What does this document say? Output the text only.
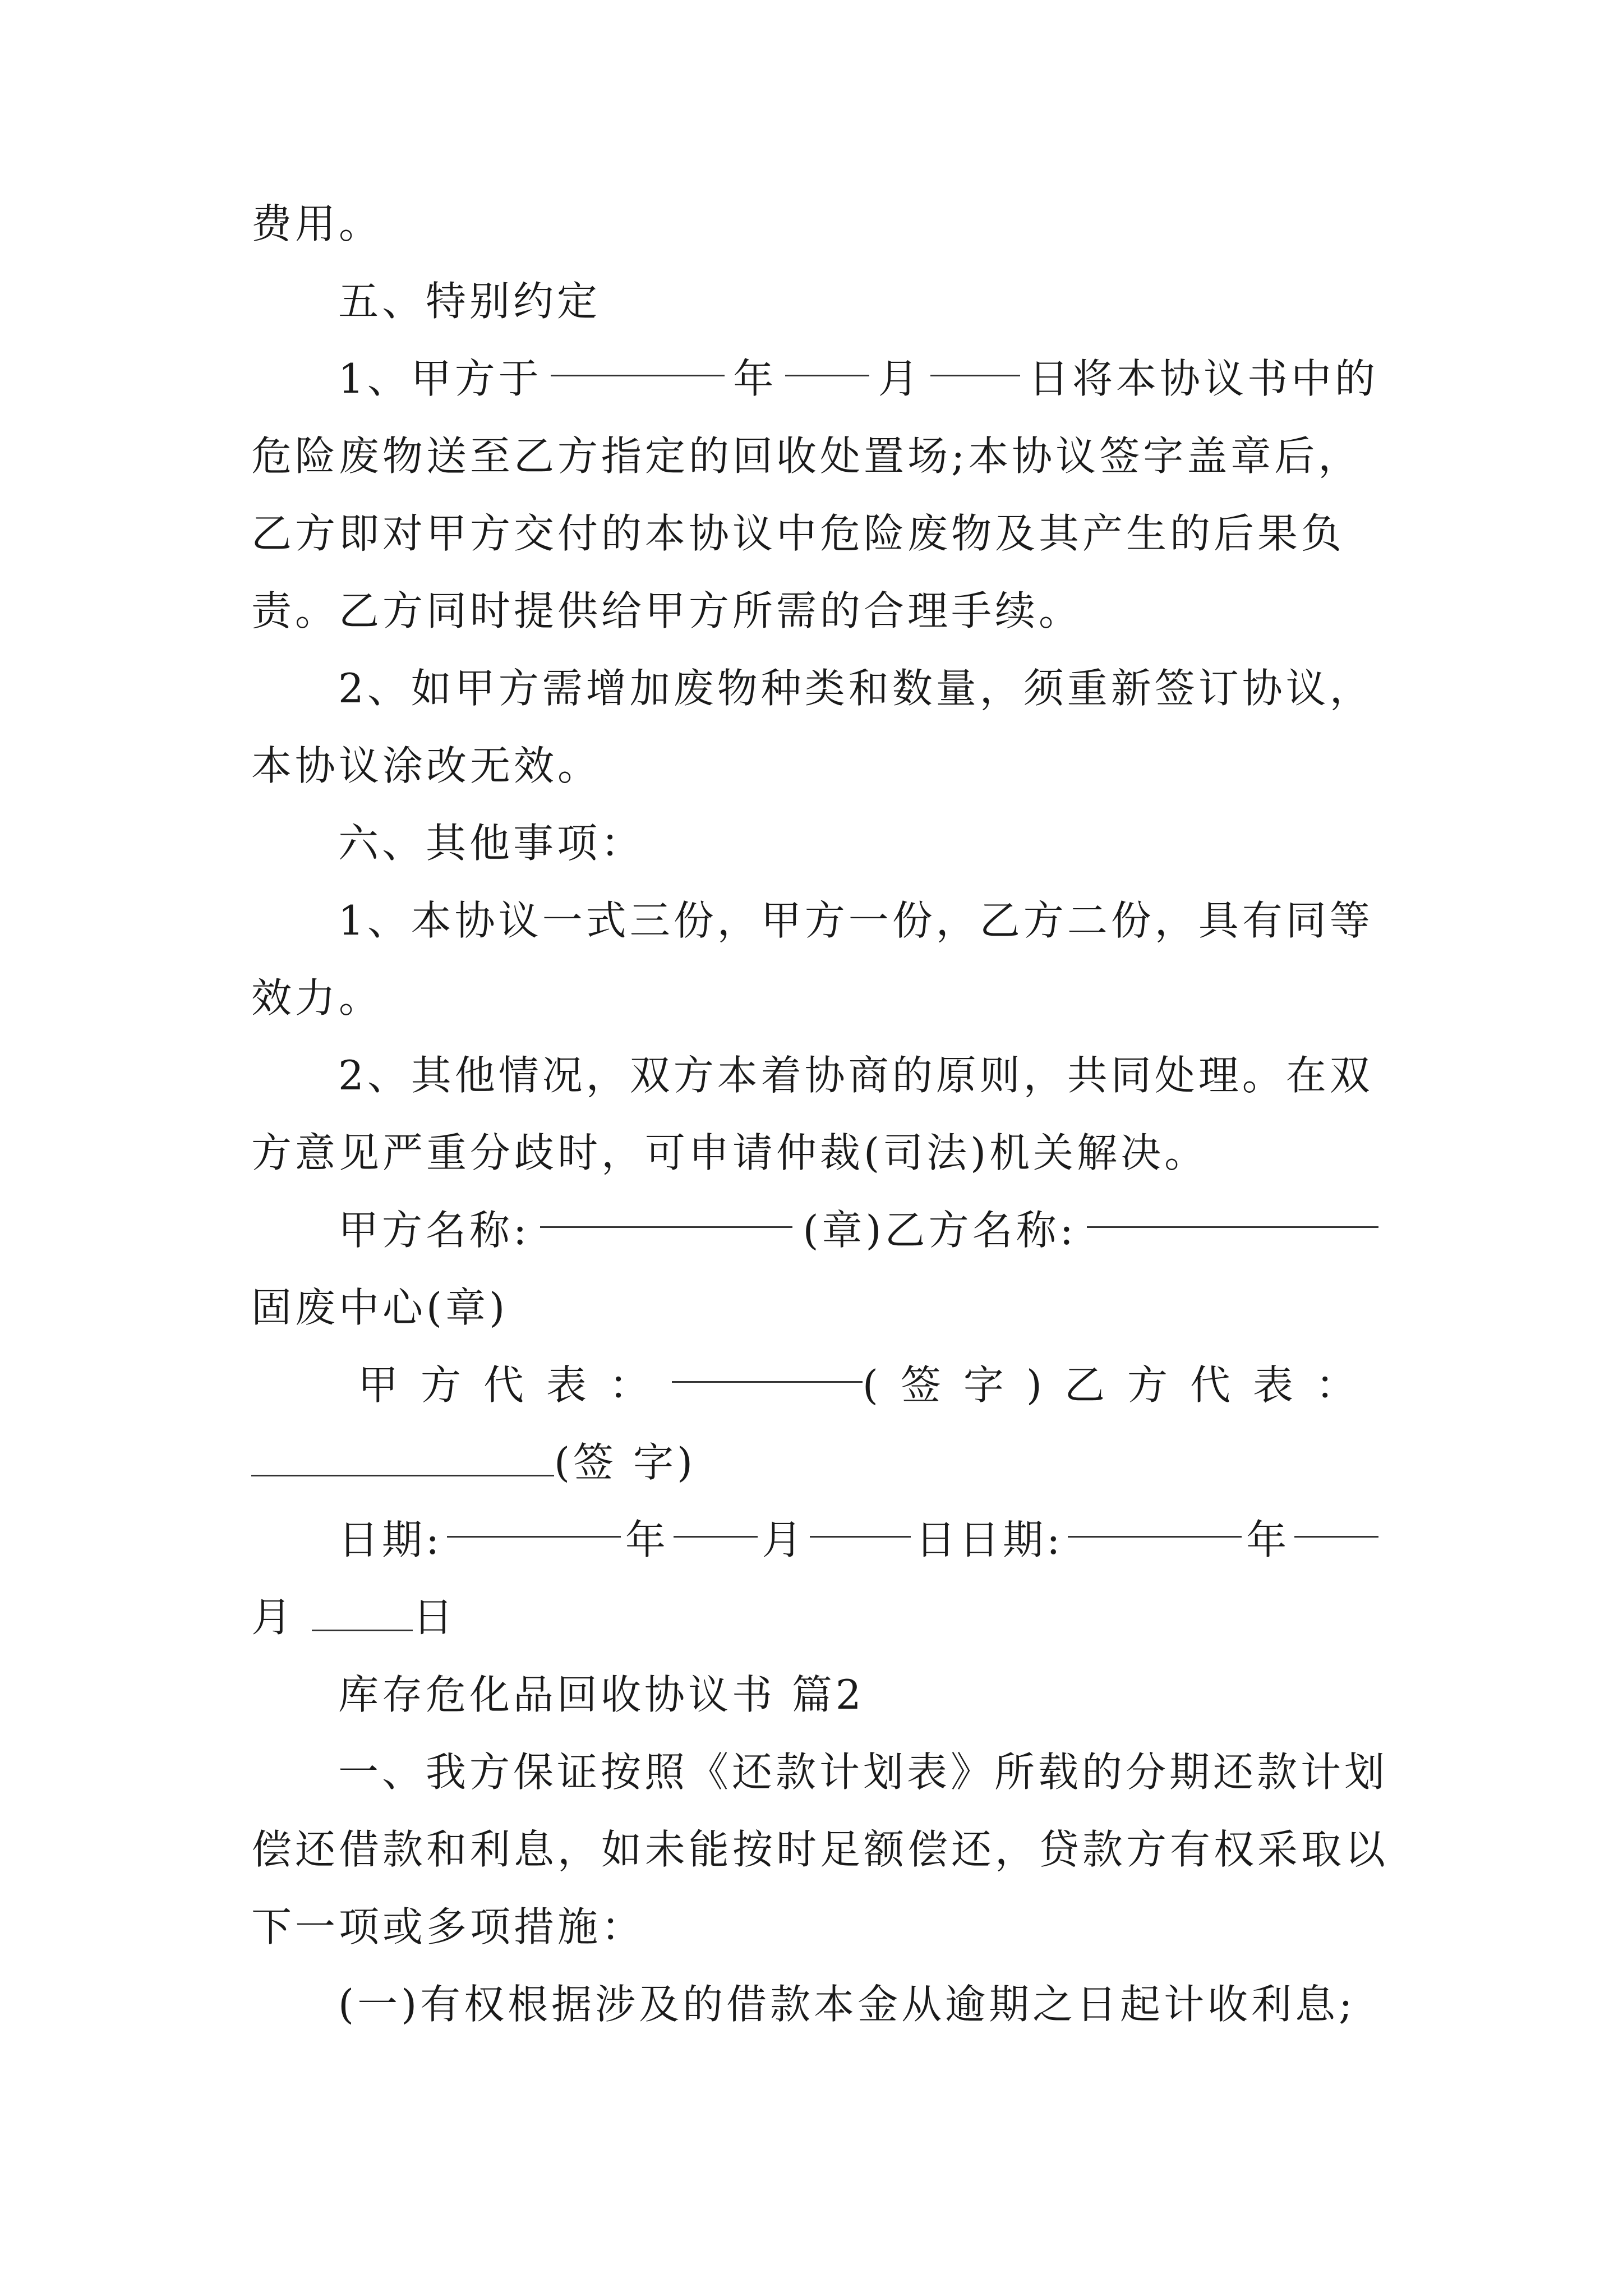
费用。
五、特别约定
1、甲方于	年	月	日将本协议书中的
危险废物送至乙方指定的回收处置场;本协议签字盖章后，
乙方即对甲方交付的本协议中危险废物及其产生的后果负
责。乙方同时提供给甲方所需的合理手续。
2、如甲方需增加废物种类和数量，须重新签订协议，
本协议涂改无效。
六、其他事项：
1、本协议一式三份，甲方一份，乙方二份，具有同等
效力。
2、其他情况，双方本着协商的原则，共同处理。在双
方意见严重分歧时，可申请仲裁(司法)机关解决。
甲方名称:	(章)乙方名称:
固废中心(章)
甲方代表：	(签字)乙方代表：
(签 字)
日期:	年 月	日日期:	年
月	日
库存危化品回收协议书 篇2
一、我方保证按照《还款计划表》所载的分期还款计划
偿还借款和利息，如未能按时足额偿还，贷款方有权采取以
下一项或多项措施：
(一)有权根据涉及的借款本金从逾期之日起计收利息;
